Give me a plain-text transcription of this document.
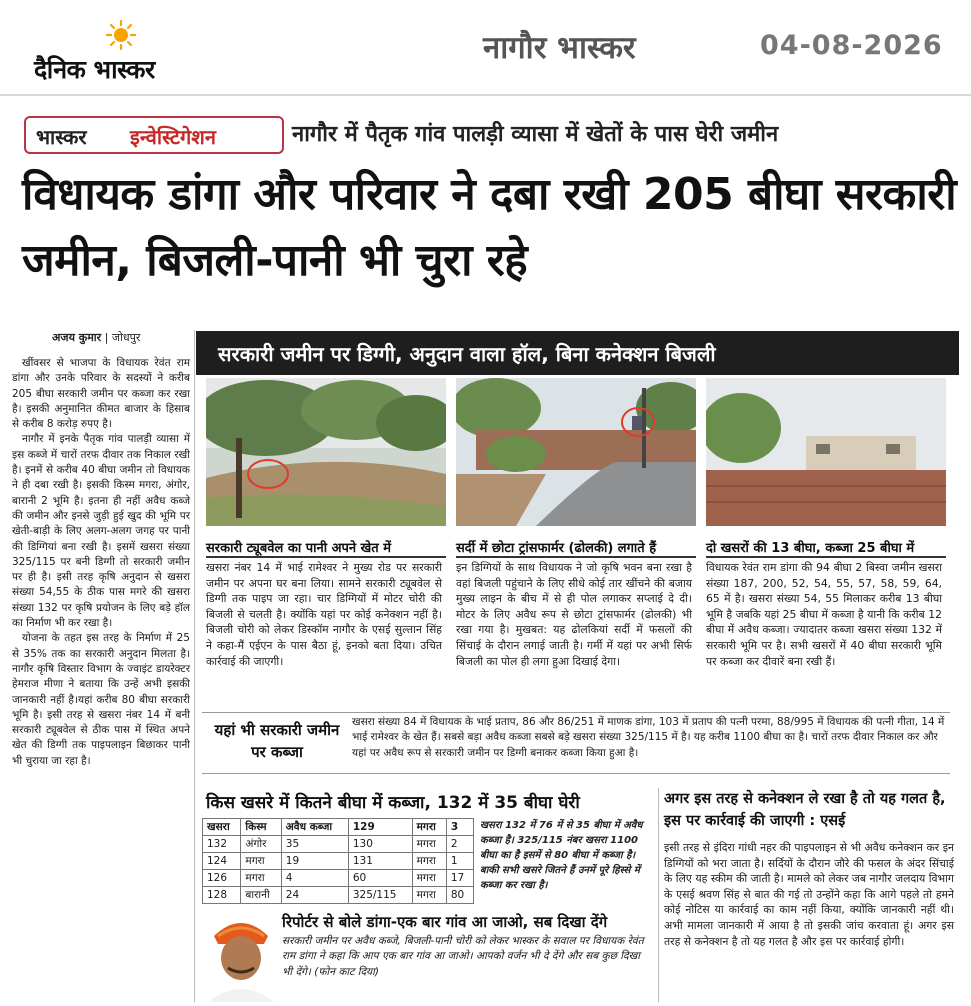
दैनिक भास्कर
नागौर भास्कर	04-08-2026
भास्कर इन्वेस्टिगेशन	नागौर में पैतृक गांव पालड़ी व्यासा में खेतों के पास घेरी जमीन
विधायक डांगा और परिवार ने दबा रखी 205 बीघा सरकारी जमीन, बिजली-पानी भी चुरा रहे
अजय कुमार | जोधपुर

खींवसर से भाजपा के विधायक रेवंत राम डांगा और उनके परिवार के सदस्यों ने करीब 205 बीघा सरकारी जमीन पर कब्जा कर रखा है। इसकी अनुमानित कीमत बाजार के हिसाब से करीब 8 करोड़ रुपए है।

नागौर में इनके पैतृक गांव पालड़ी व्यासा में इस कब्जे में चारों तरफ दीवार तक निकाल रखी है। इनमें से करीब 40 बीघा जमीन तो विधायक ने ही दबा रखी है। इसकी किस्म मगरा, अंगोर, बारानी 2 भूमि है। इतना ही नहीं अवैध कब्जे की जमीन और इनसे जुड़ी हुई खुद की भूमि पर खेती-बाड़ी के लिए अलग-अलग जगह पर पानी की डिग्गियां बना रखी है। इसमें खसरा संख्या 325/115 पर बनी डिग्गी तो सरकारी जमीन पर ही है। इसी तरह कृषि अनुदान से खसरा संख्या 54,55 के ठीक पास मगरे की खसरा संख्या 132 पर कृषि प्रयोजन के लिए बड़े हॉल का निर्माण भी कर रखा है।

योजना के तहत इस तरह के निर्माण में 25 से 35% तक का सरकारी अनुदान मिलता है। नागौर कृषि विस्तार विभाग के ज्वाइंट डायरेक्टर हेमराज मीणा ने बताया कि उन्हें अभी इसकी जानकारी नहीं है।यहां करीब 80 बीघा सरकारी भूमि है। इसी तरह से खसरा नंबर 14 में बनी सरकारी ट्यूबवेल से ठीक पास में स्थित अपने खेत की डिग्गी तक पाइपलाइन बिछाकर पानी भी चुराया जा रहा है।

सरकारी जमीन पर डिग्गी, अनुदान वाला हॉल, बिना कनेक्शन बिजली
सरकारी ट्यूबवेल का पानी अपने खेत में	सर्दी में छोटा ट्रांसफार्मर (ढोलकी) लगाते हैं	दो खसरों की 13 बीघा, कब्जा 25 बीघा में
खसरा नंबर 14 में भाई रामेश्वर ने मुख्य रोड पर सरकारी जमीन पर अपना घर बना लिया। सामने सरकारी ट्यूबवेल से डिग्गी तक पाइप जा रहा। चार डिग्गियों में मोटर चोरी की बिजली से चलती है। क्योंकि यहां पर कोई कनेक्शन नहीं है। बिजली चोरी को लेकर डिस्कॉम नागौर के एसई सुल्तान सिंह ने कहा-मैं एईएन के पास बैठा हूं, इनको बता दिया। उचित कार्रवाई की जाएगी।
इन डिग्गियों के साथ विधायक ने जो कृषि भवन बना रखा है वहां बिजली पहुंचाने के लिए सीधे कोई तार खींचने की बजाय मुख्य लाइन के बीच में से ही पोल लगाकर सप्लाई दे दी। मोटर के लिए अवैध रूप से छोटा ट्रांसफार्मर (ढोलकी) भी रखा गया है। मुखबत: यह ढोलकियां सर्दी में फसलों की सिंचाई के दौरान लगाई जाती है। गर्मी में यहां पर अभी सिर्फ बिजली का पोल ही लगा हुआ दिखाई देगा।
विधायक रेवंत राम डांगा की 94 बीघा 2 बिस्वा जमीन खसरा संख्या 187, 200, 52, 54, 55, 57, 58, 59, 64, 65 में है। खसरा संख्या 54, 55 मिलाकर करीब 13 बीघा भूमि है जबकि यहां 25 बीघा में कब्जा है यानी कि करीब 12 बीघा में अवैध कब्जा। ज्यादातर कब्जा खसरा संख्या 132 में सरकारी भूमि पर है। सभी खसरों में 40 बीघा सरकारी भूमि पर कब्जा कर दीवारें बना रखी हैं।
यहां भी सरकारी जमीन पर कब्जा
खसरा संख्या 84 में विधायक के भाई प्रताप, 86 और 86/251 में माणक डांगा, 103 में प्रताप की पत्नी परमा, 88/995 में विधायक की पत्नी गीता, 14 में भाई रामेश्वर के खेत हैं। सबसे बड़ा अवैध कब्जा सबसे बड़े खसरा संख्या 325/115 में है। यह करीब 1100 बीघा का है। चारों तरफ दीवार निकाल कर और यहां पर अवैध रूप से सरकारी जमीन पर डिग्गी बनाकर कब्जा किया हुआ है।
किस खसरे में कितने बीघा में कब्जा, 132 में 35 बीघा घेरी
खसरा	किस्म	अवैध कब्जा	129	मगरा	3
132	अंगोर	35	130	मगरा	2
124	मगरा	19	131	मगरा	1
126	मगरा	4	60	मगरा	17
128	बारानी	24	325/115	मगरा	80
खसरा 132 में 76 में से 35 बीघा में अवैध कब्जा है। 325/115 नंबर खसरा 1100 बीघा का है इसमें से 80 बीघा में कब्जा है। बाकी सभी खसरे जितने हैं उनमें पूरे हिस्से में कब्जा कर रखा है।
रिपोर्टर से बोले डांगा-एक बार गांव आ जाओ, सब दिखा देंगे
सरकारी जमीन पर अवैध कब्जे, बिजली-पानी चोरी को लेकर भास्कर के सवाल पर विधायक रेवंत राम डांगा ने कहा कि आप एक बार गांव आ जाओ। आपको वर्जन भी दे देंगे और सब कुछ दिखा भी देंगे। (फोन काट दिया)
अगर इस तरह से कनेक्शन ले रखा है तो यह गलत है, इस पर कार्रवाई की जाएगी : एसई
इसी तरह से इंदिरा गांधी नहर की पाइपलाइन से भी अवैध कनेक्शन कर इन डिग्गियों को भरा जाता है। सर्दियों के दौरान जौरे की फसल के अंदर सिंचाई के लिए यह स्कीम की जाती है। मामले को लेकर जब नागौर जलदाय विभाग के एसई श्रवण सिंह से बात की गई तो उन्होंने कहा कि आगे पहले तो हमने कोई नोटिस या कार्रवाई का काम नहीं किया, क्योंकि जानकारी नहीं थी। अभी मामला जानकारी में आया है तो इसकी जांच करवाता हूं। अगर इस तरह से कनेक्शन है तो यह गलत है और इस पर कार्रवाई होगी।
